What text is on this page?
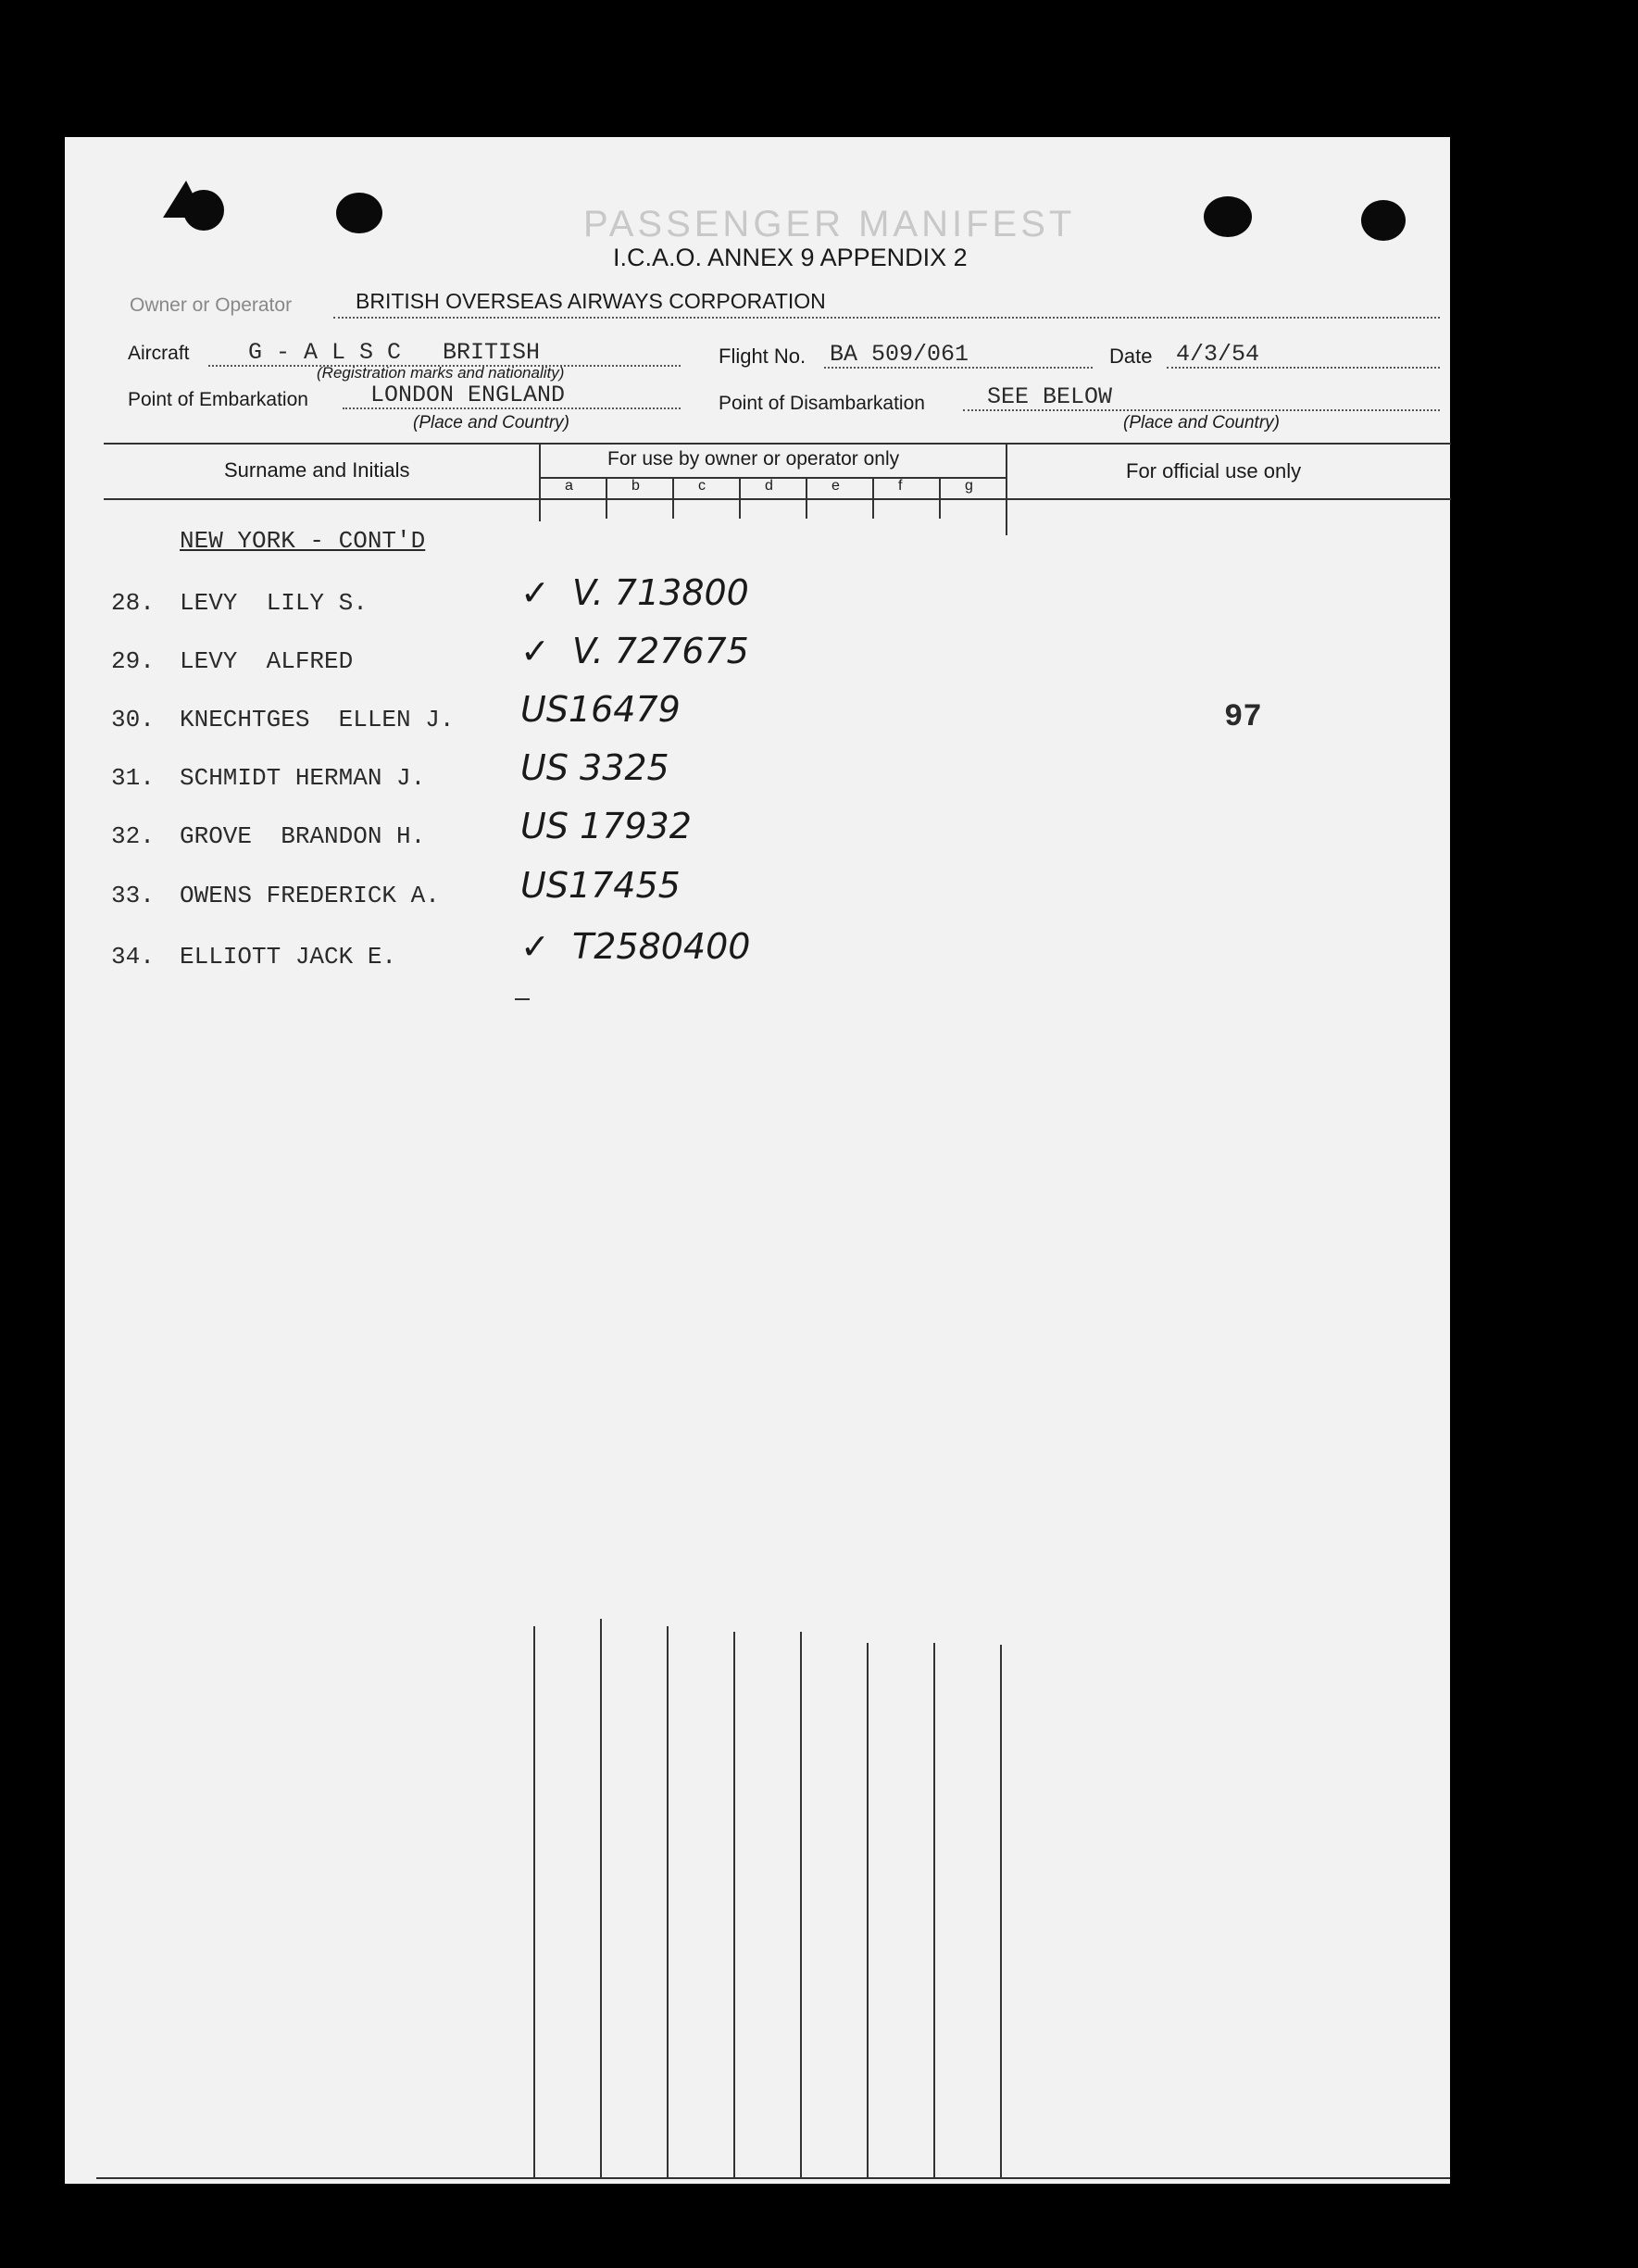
PASSENGER MANIFEST
I.C.A.O. ANNEX 9 APPENDIX 2
Owner or Operator	BRITISH OVERSEAS AIRWAYS CORPORATION
Aircraft	G - A L S C   BRITISH
(Registration marks and nationality)
Flight No. BA 509/061	Date 4/3/54
Point of Embarkation	LONDON ENGLAND
(Place and Country)
Point of Disambarkation	SEE BELOW
(Place and Country)
Surname and Initials	For use by owner or operator only
For official use only
a	b	c	d	e	f	g
NEW YORK - CONT'D
28. LEVY  LILY S.	✓  V. 713800
29. LEVY  ALFRED	✓  V. 727675
30. KNECHTGES  ELLEN J. US16479
31. SCHMIDT HERMAN J.	US 3325
32. GROVE  BRANDON H.	US 17932
33. OWENS FREDERICK A. US17455
34. ELLIOTT JACK E.	✓  T2580400
97
